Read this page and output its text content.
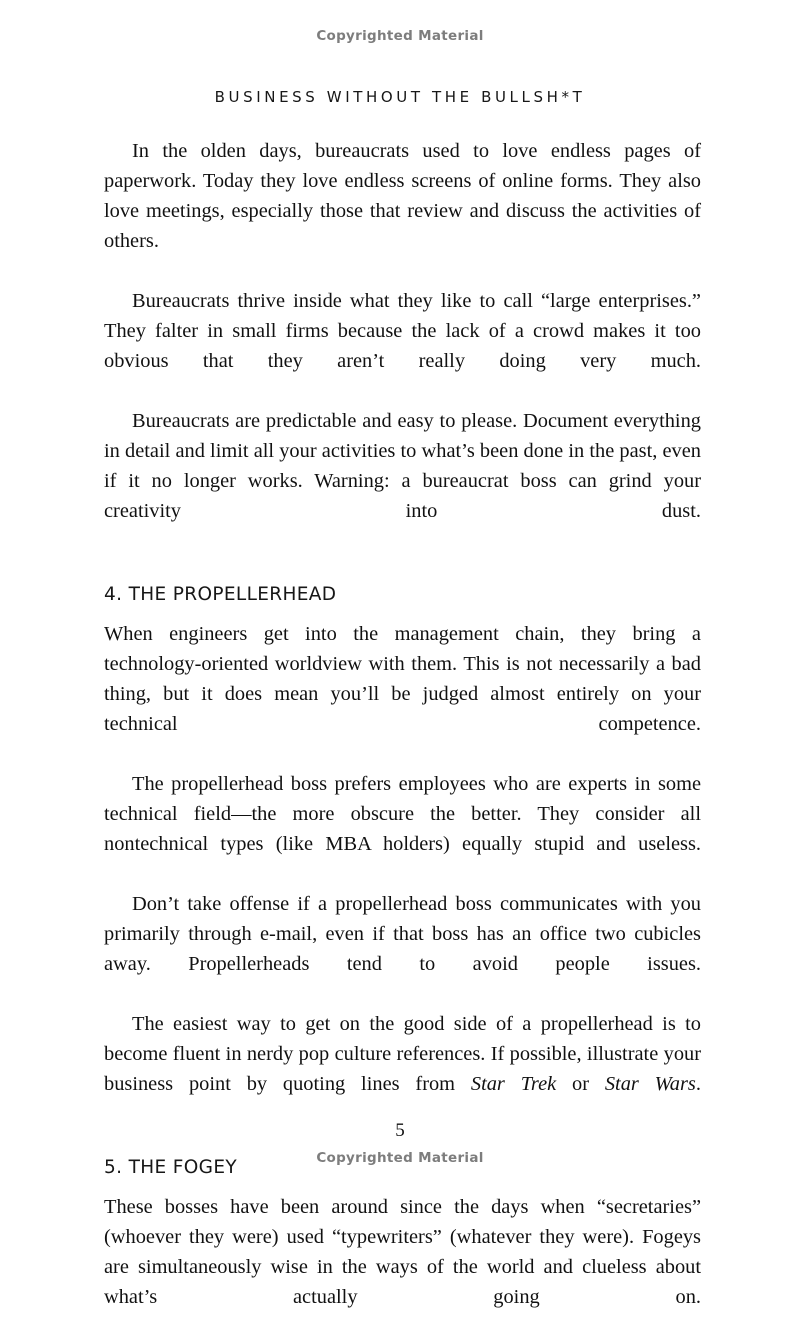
Copyrighted Material
BUSINESS WITHOUT THE BULLSH*T

In the olden days, bureaucrats used to love endless pages of paperwork. Today they love endless screens of online forms. They also love meetings, especially those that review and discuss the activities of others.

Bureaucrats thrive inside what they like to call “large enterprises.” They falter in small firms because the lack of a crowd makes it too obvious that they aren’t really doing very much.

Bureaucrats are predictable and easy to please. Document everything in detail and limit all your activities to what’s been done in the past, even if it no longer works. Warning: a bureaucrat boss can grind your creativity into dust.

4. THE PROPELLERHEAD

When engineers get into the management chain, they bring a technology-oriented worldview with them. This is not necessarily a bad thing, but it does mean you’ll be judged almost entirely on your technical competence.

The propellerhead boss prefers employees who are experts in some technical field—the more obscure the better. They consider all nontechnical types (like MBA holders) equally stupid and useless.

Don’t take offense if a propellerhead boss communicates with you primarily through e-mail, even if that boss has an office two cubicles away. Propellerheads tend to avoid people issues.

The easiest way to get on the good side of a propellerhead is to become fluent in nerdy pop culture references. If possible, illustrate your business point by quoting lines from Star Trek or Star Wars.

5. THE FOGEY

These bosses have been around since the days when “secretaries” (whoever they were) used “typewriters” (whatever they were). Fogeys are simultaneously wise in the ways of the world and clueless about what’s actually going on.

5
Copyrighted Material
